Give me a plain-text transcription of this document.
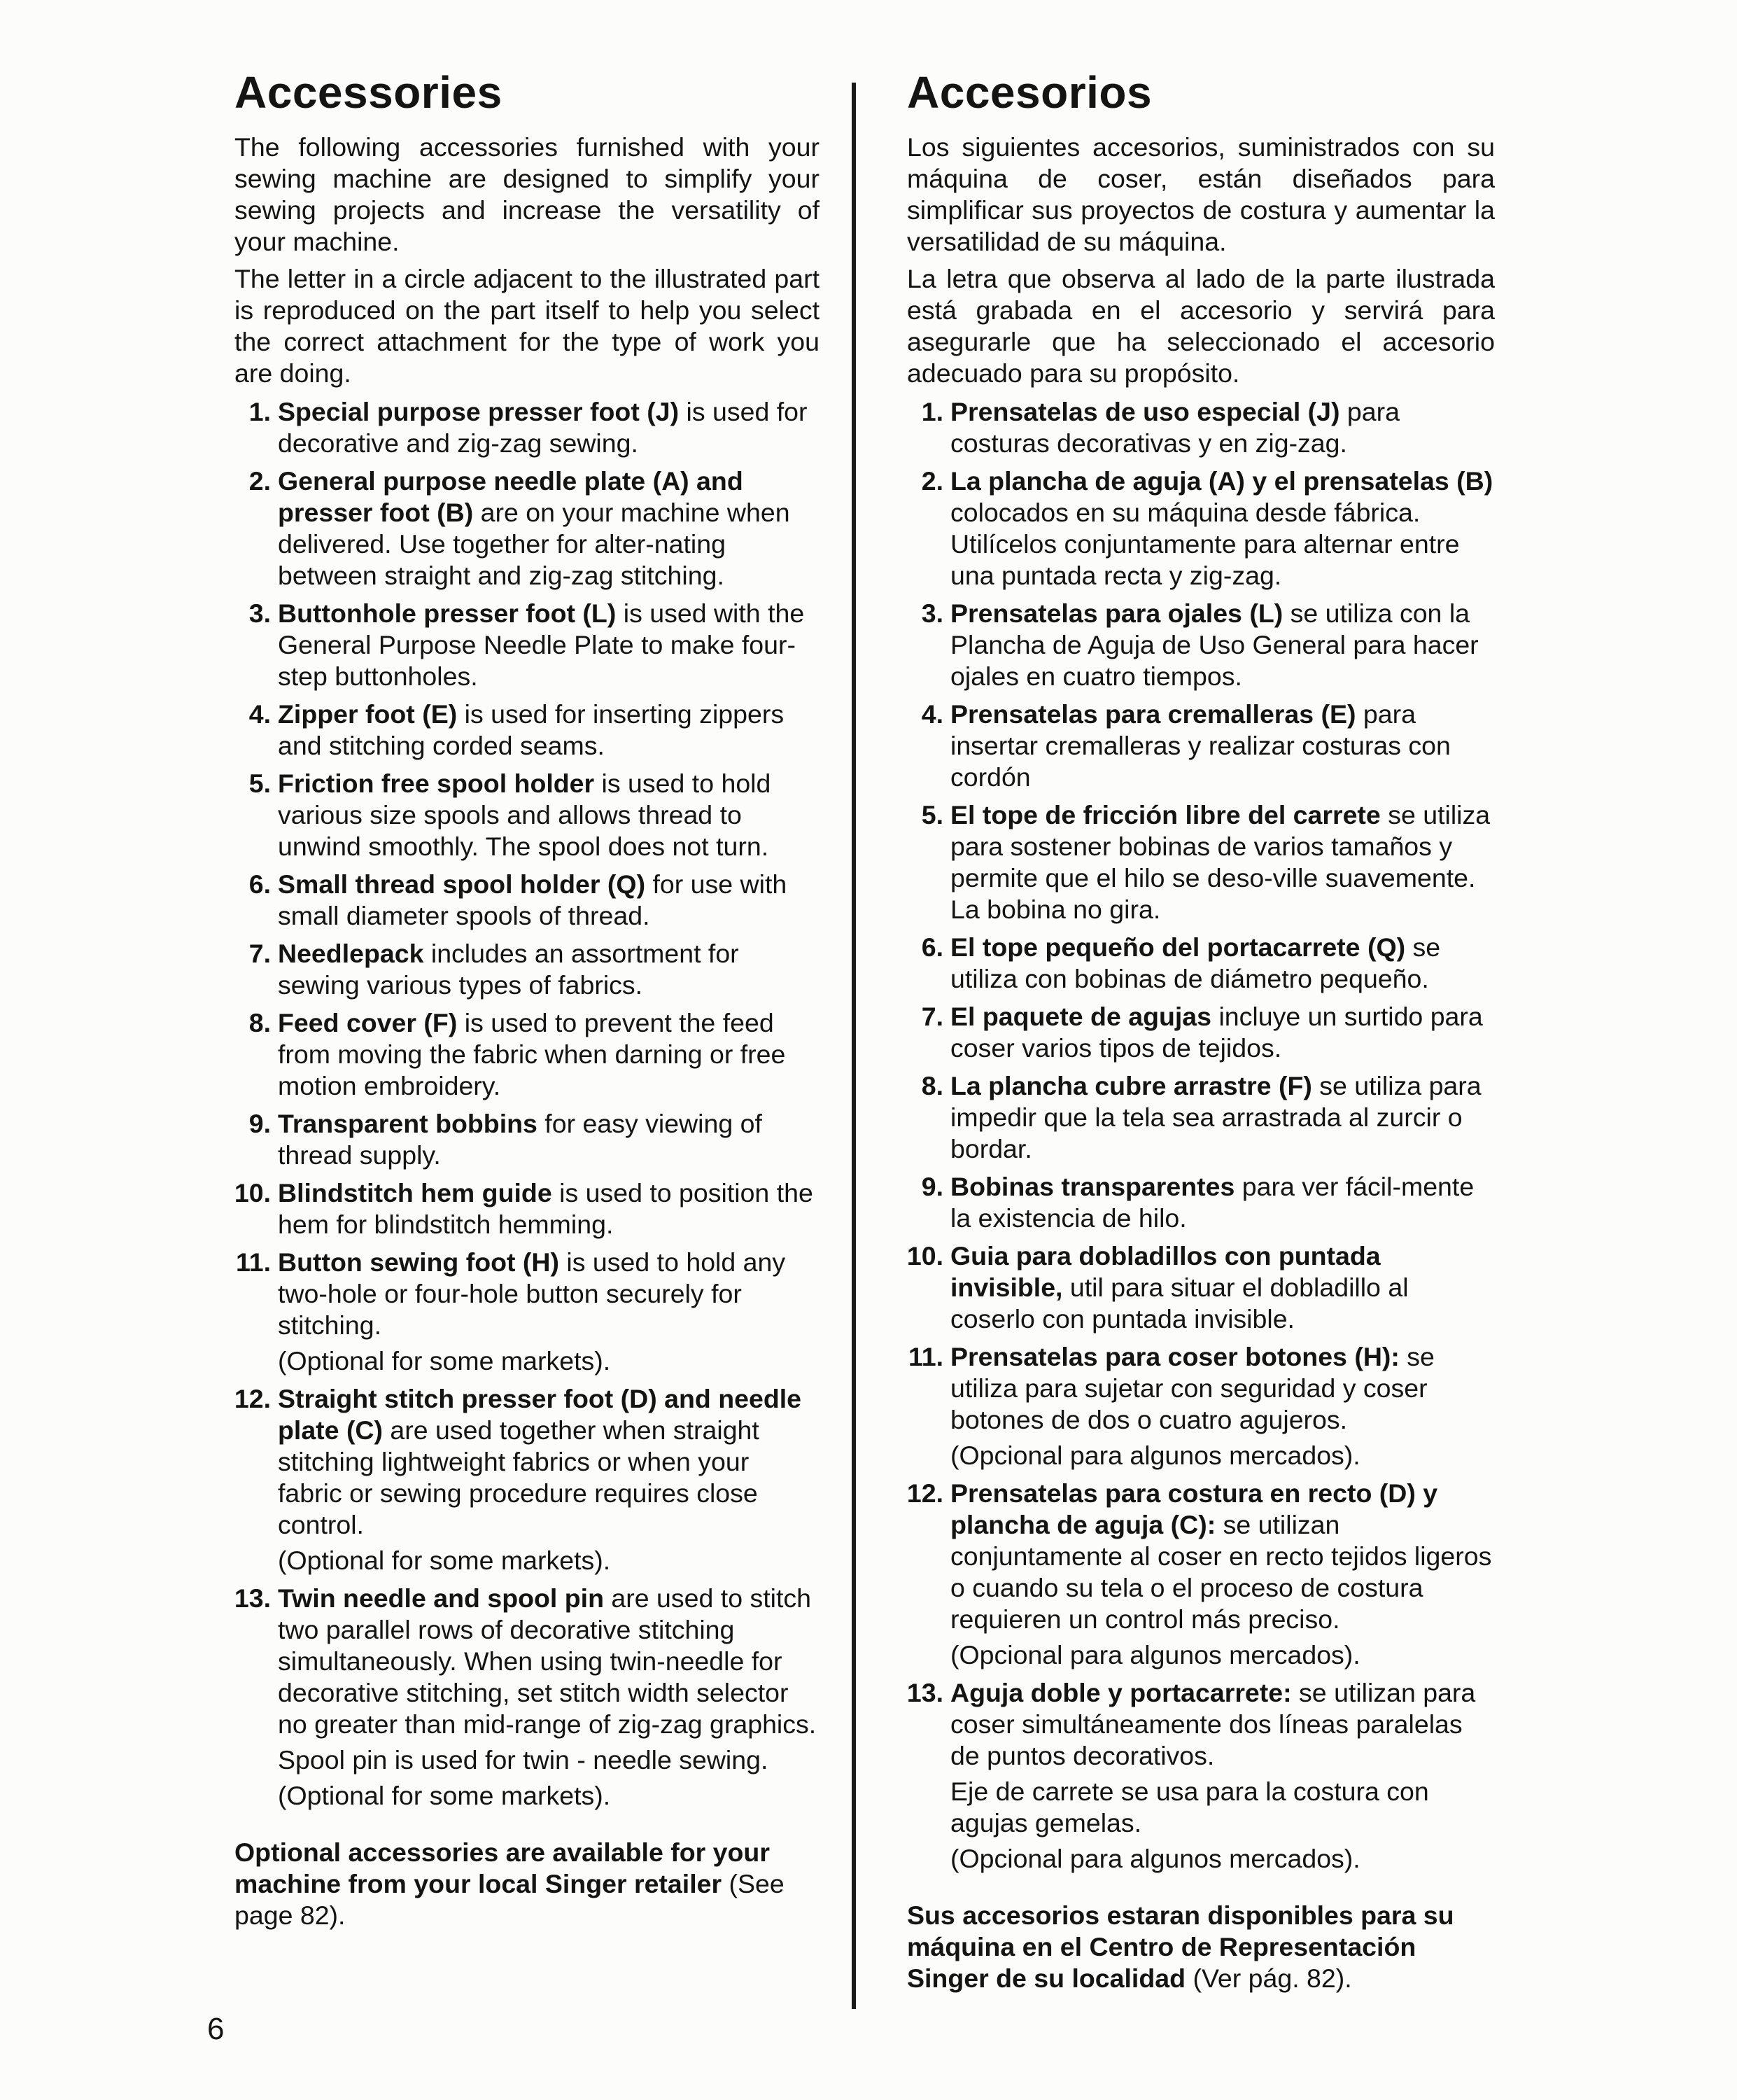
Accessories

The following accessories furnished with your sewing machine are designed to simplify your sewing projects and increase the versatility of your machine.

The letter in a circle adjacent to the illustrated part is reproduced on the part itself to help you select the correct attachment for the type of work you are doing.

1. Special purpose presser foot (J) is used for decorative and zig-zag sewing.

2. General purpose needle plate (A) and presser foot (B) are on your machine when delivered. Use together for alter-nating between straight and zig-zag stitching.

3. Buttonhole presser foot (L) is used with the General Purpose Needle Plate to make four-step buttonholes.

4. Zipper foot (E) is used for inserting zippers and stitching corded seams.

5. Friction free spool holder is used to hold various size spools and allows thread to unwind smoothly. The spool does not turn.

6. Small thread spool holder (Q) for use with small diameter spools of thread.

7. Needlepack includes an assortment for sewing various types of fabrics.

8. Feed cover (F) is used to prevent the feed from moving the fabric when darning or free motion embroidery.

9. Transparent bobbins for easy viewing of thread supply.

10. Blindstitch hem guide is used to position the hem for blindstitch hemming.

11. Button sewing foot (H) is used to hold any two-hole or four-hole button securely for stitching.

(Optional for some markets).

12. Straight stitch presser foot (D) and needle plate (C) are used together when straight stitching lightweight fabrics or when your fabric or sewing procedure requires close control.

(Optional for some markets).

13. Twin needle and spool pin are used to stitch two parallel rows of decorative stitching simultaneously. When using twin-needle for decorative stitching, set stitch width selector no greater than mid-range of zig-zag graphics.

Spool pin is used for twin - needle sewing.

(Optional for some markets).

Optional accessories are available for your machine from your local Singer retailer (See page 82).

Accesorios

Los siguientes accesorios, suministrados con su máquina de coser, están diseñados para simplificar sus proyectos de costura y aumentar la versatilidad de su máquina.

La letra que observa al lado de la parte ilustrada está grabada en el accesorio y servirá para asegurarle que ha seleccionado el accesorio adecuado para su propósito.

1. Prensatelas de uso especial (J) para costuras decorativas y en zig-zag.

2. La plancha de aguja (A) y el prensatelas (B) colocados en su máquina desde fábrica. Utilícelos conjuntamente para alternar entre una puntada recta y zig-zag.

3. Prensatelas para ojales (L) se utiliza con la Plancha de Aguja de Uso General para hacer ojales en cuatro tiempos.

4. Prensatelas para cremalleras (E) para insertar cremalleras y realizar costuras con cordón

5. El tope de fricción libre del carrete se utiliza para sostener bobinas de varios tamaños y permite que el hilo se deso-ville suavemente. La bobina no gira.

6. El tope pequeño del portacarrete (Q) se utiliza con bobinas de diámetro pequeño.

7. El paquete de agujas incluye un surtido para coser varios tipos de tejidos.

8. La plancha cubre arrastre (F) se utiliza para impedir que la tela sea arrastrada al zurcir o bordar.

9. Bobinas transparentes para ver fácil-mente la existencia de hilo.

10. Guia para dobladillos con puntada invisible, util para situar el dobladillo al coserlo con puntada invisible.

11. Prensatelas para coser botones (H): se utiliza para sujetar con seguridad y coser botones de dos o cuatro agujeros.

(Opcional para algunos mercados).

12. Prensatelas para costura en recto (D) y plancha de aguja (C): se utilizan conjuntamente al coser en recto tejidos ligeros o cuando su tela o el proceso de costura requieren un control más preciso.

(Opcional para algunos mercados).

13. Aguja doble y portacarrete: se utilizan para coser simultáneamente dos líneas paralelas de puntos decorativos.

Eje de carrete se usa para la costura con agujas gemelas.

(Opcional para algunos mercados).

Sus accesorios estaran disponibles para su máquina en el Centro de Representación Singer de su localidad (Ver pág. 82).

6
